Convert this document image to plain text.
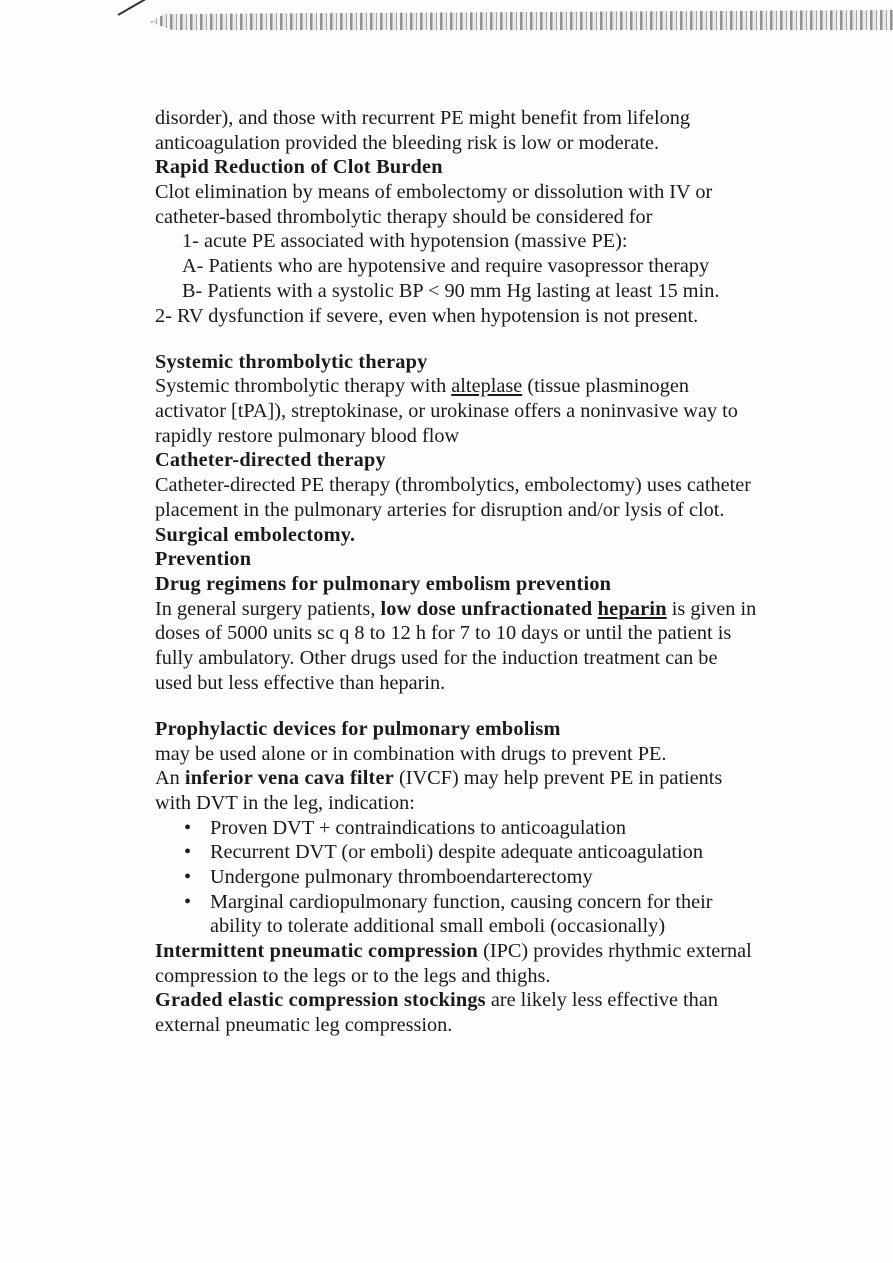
disorder), and those with recurrent PE might benefit from lifelong
anticoagulation provided the bleeding risk is low or moderate.
Rapid Reduction of Clot Burden
Clot elimination by means of embolectomy or dissolution with IV or
catheter-based thrombolytic therapy should be considered for
1- acute PE associated with hypotension (massive PE):
A- Patients who are hypotensive and require vasopressor therapy
B- Patients with a systolic BP < 90 mm Hg lasting at least 15 min.
2- RV dysfunction if severe, even when hypotension is not present.
Systemic thrombolytic therapy
Systemic thrombolytic therapy with alteplase (tissue plasminogen
activator [tPA]), streptokinase, or urokinase offers a noninvasive way to
rapidly restore pulmonary blood flow
Catheter-directed therapy
Catheter-directed PE therapy (thrombolytics, embolectomy) uses catheter
placement in the pulmonary arteries for disruption and/or lysis of clot.
Surgical embolectomy.
Prevention
Drug regimens for pulmonary embolism prevention
In general surgery patients, low dose unfractionated heparin is given in
doses of 5000 units sc q 8 to 12 h for 7 to 10 days or until the patient is
fully ambulatory. Other drugs used for the induction treatment can be
used but less effective than heparin.
Prophylactic devices for pulmonary embolism
may be used alone or in combination with drugs to prevent PE.
An inferior vena cava filter (IVCF) may help prevent PE in patients
with DVT in the leg, indication:
• Proven DVT + contraindications to anticoagulation
• Recurrent DVT (or emboli) despite adequate anticoagulation
• Undergone pulmonary thromboendarterectomy
• Marginal cardiopulmonary function, causing concern for their
ability to tolerate additional small emboli (occasionally)
Intermittent pneumatic compression (IPC) provides rhythmic external
compression to the legs or to the legs and thighs.
Graded elastic compression stockings are likely less effective than
external pneumatic leg compression.
